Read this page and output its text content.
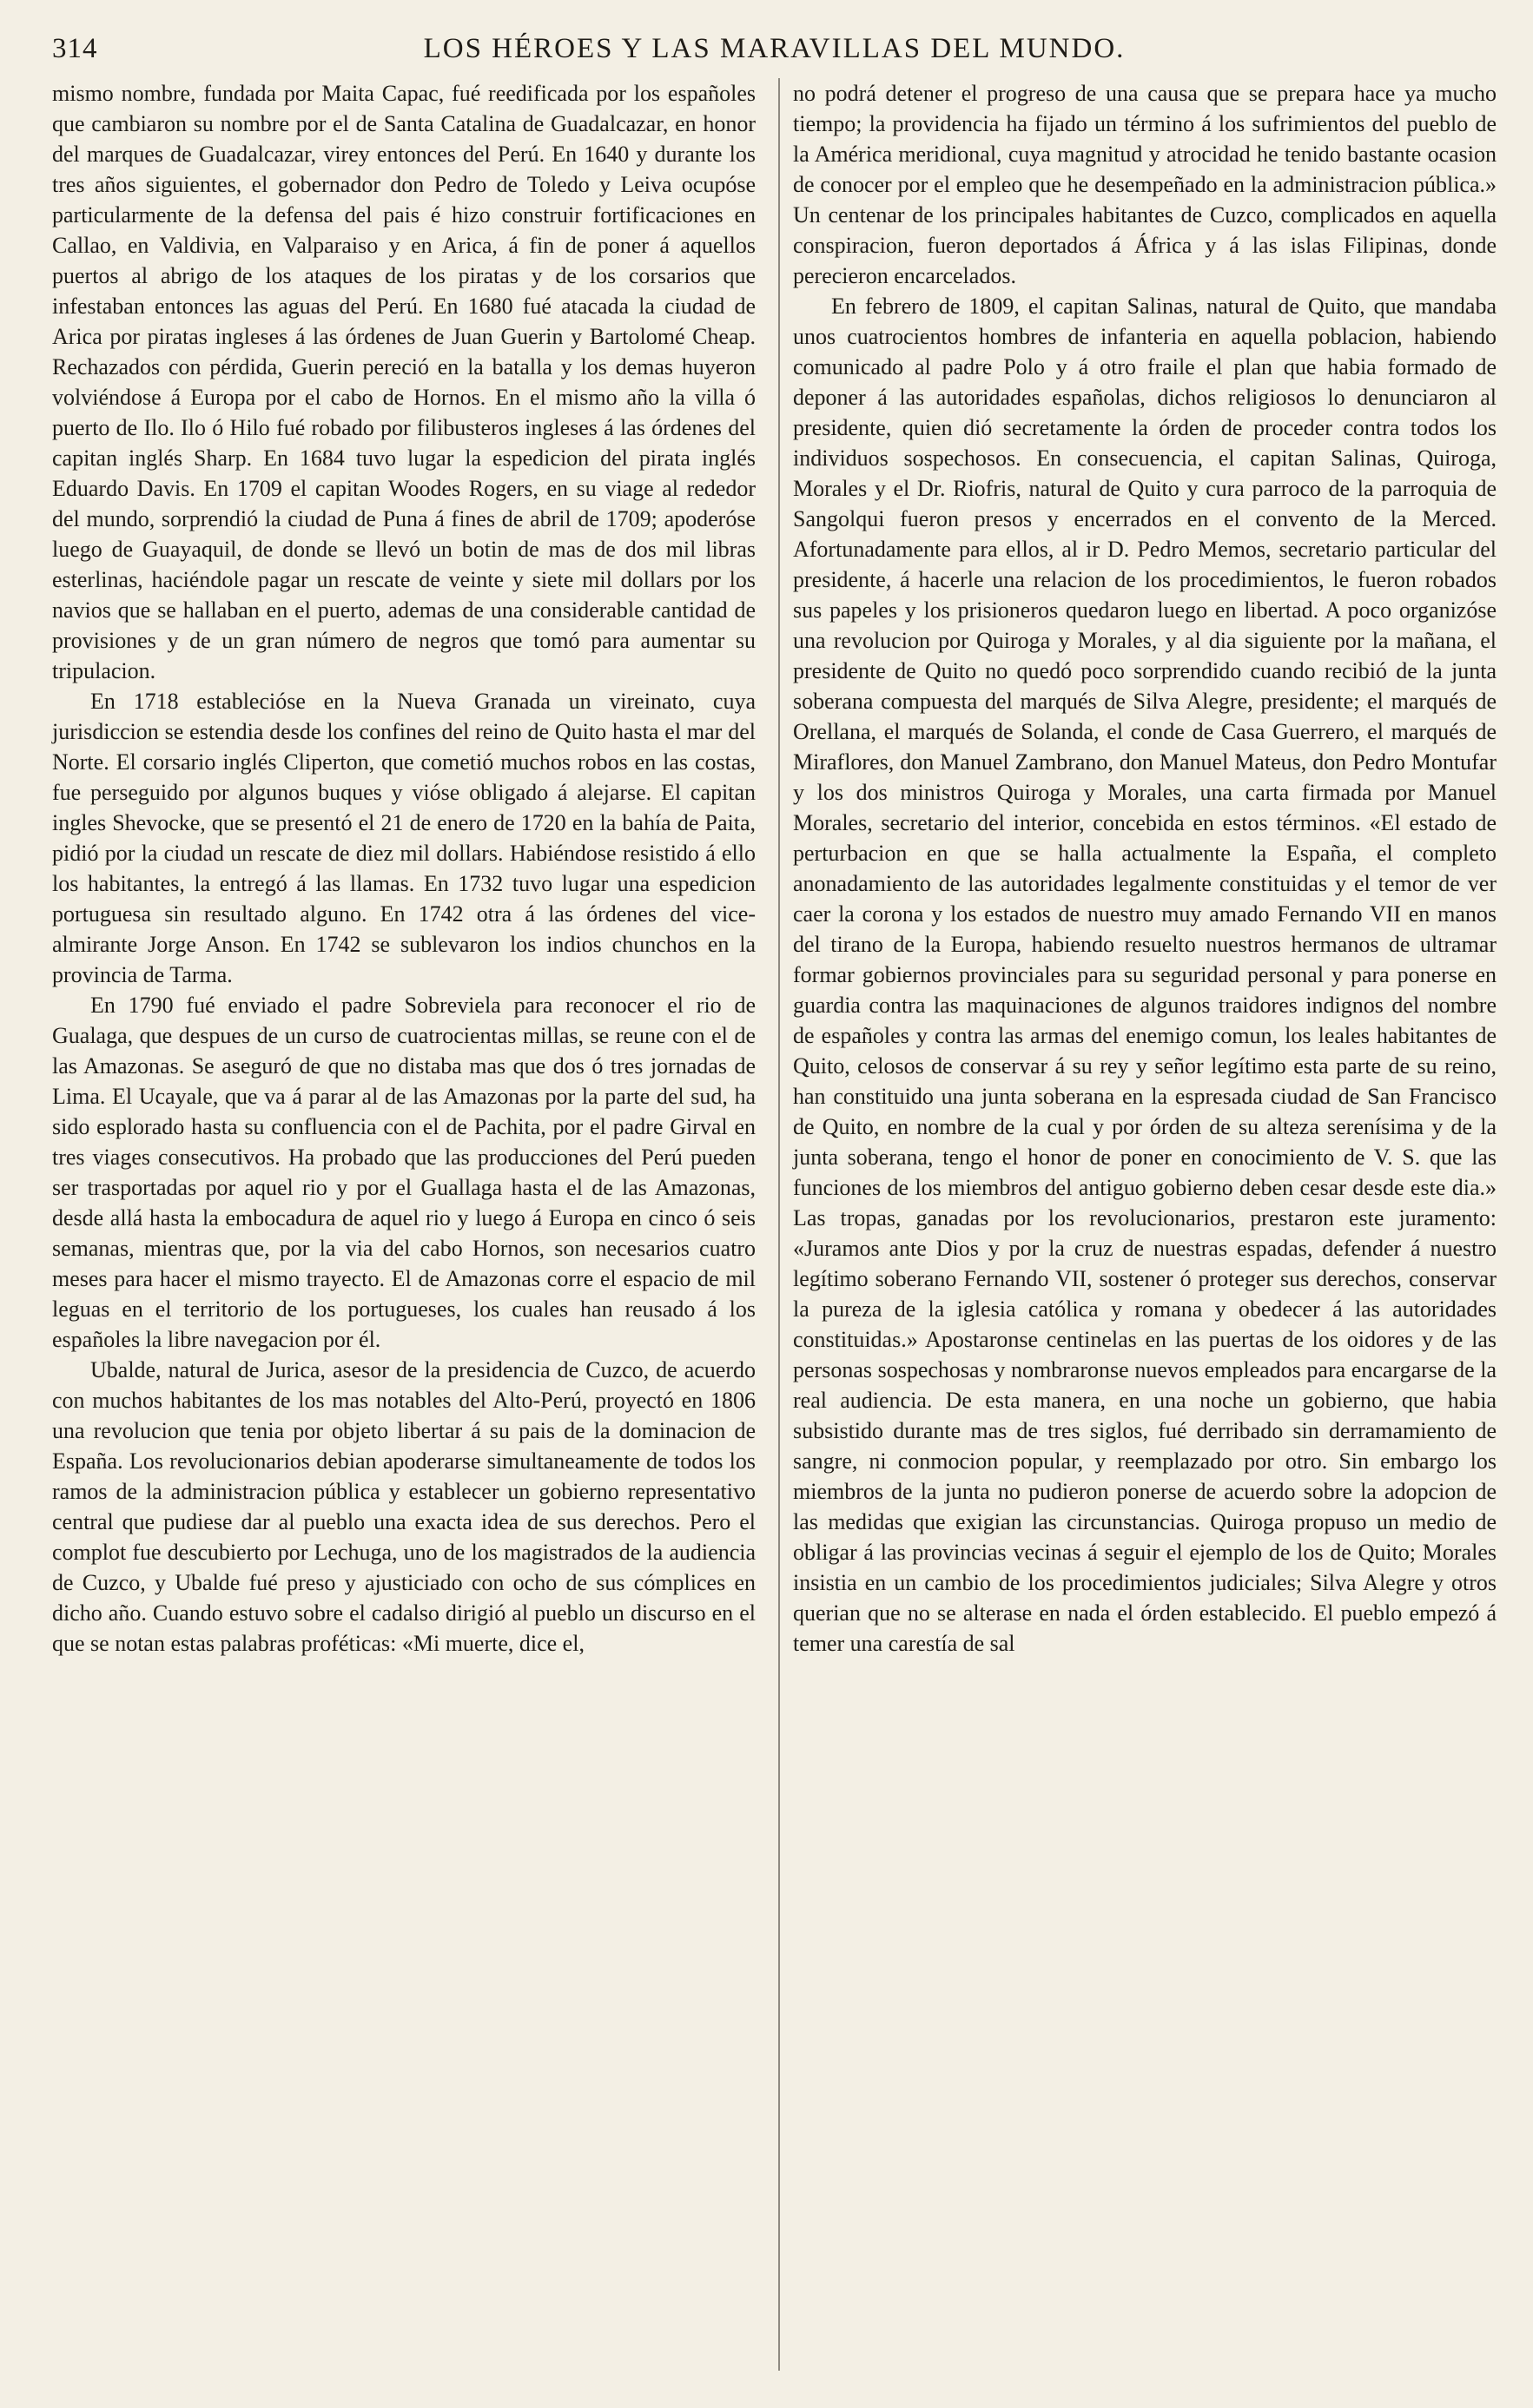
314	LOS HÉROES Y LAS MARAVILLAS DEL MUNDO.

mismo nombre, fundada por Maita Capac, fué reedificada por los españoles que cambiaron su nombre por el de Santa Catalina de Guadalcazar, en honor del marques de Guadalcazar, virey entonces del Perú. En 1640 y durante los tres años siguientes, el gobernador don Pedro de Toledo y Leiva ocupóse particularmente de la defensa del pais é hizo construir fortificaciones en Callao, en Valdivia, en Valparaiso y en Arica, á fin de poner á aquellos puertos al abrigo de los ataques de los piratas y de los corsarios que infestaban entonces las aguas del Perú. En 1680 fué atacada la ciudad de Arica por piratas ingleses á las órdenes de Juan Guerin y Bartolomé Cheap. Rechazados con pérdida, Guerin pereció en la batalla y los demas huyeron volviéndose á Europa por el cabo de Hornos. En el mismo año la villa ó puerto de Ilo. Ilo ó Hilo fué robado por filibusteros ingleses á las órdenes del capitan inglés Sharp. En 1684 tuvo lugar la espedicion del pirata inglés Eduardo Davis. En 1709 el capitan Woodes Rogers, en su viage al rededor del mundo, sorprendió la ciudad de Puna á fines de abril de 1709; apoderóse luego de Guayaquil, de donde se llevó un botin de mas de dos mil libras esterlinas, haciéndole pagar un rescate de veinte y siete mil dollars por los navios que se hallaban en el puerto, ademas de una considerable cantidad de provisiones y de un gran número de negros que tomó para aumentar su tripulacion.

En 1718 establecióse en la Nueva Granada un vireinato, cuya jurisdiccion se estendia desde los confines del reino de Quito hasta el mar del Norte. El corsario inglés Cliperton, que cometió muchos robos en las costas, fue perseguido por algunos buques y vióse obligado á alejarse. El capitan ingles Shevocke, que se presentó el 21 de enero de 1720 en la bahía de Paita, pidió por la ciudad un rescate de diez mil dollars. Habiéndose resistido á ello los habitantes, la entregó á las llamas. En 1732 tuvo lugar una espedicion portuguesa sin resultado alguno. En 1742 otra á las órdenes del vice-almirante Jorge Anson. En 1742 se sublevaron los indios chunchos en la provincia de Tarma.

En 1790 fué enviado el padre Sobreviela para reconocer el rio de Gualaga, que despues de un curso de cuatrocientas millas, se reune con el de las Amazonas. Se aseguró de que no distaba mas que dos ó tres jornadas de Lima. El Ucayale, que va á parar al de las Amazonas por la parte del sud, ha sido esplorado hasta su confluencia con el de Pachita, por el padre Girval en tres viages consecutivos. Ha probado que las producciones del Perú pueden ser trasportadas por aquel rio y por el Guallaga hasta el de las Amazonas, desde allá hasta la embocadura de aquel rio y luego á Europa en cinco ó seis semanas, mientras que, por la via del cabo Hornos, son necesarios cuatro meses para hacer el mismo trayecto. El de Amazonas corre el espacio de mil leguas en el territorio de los portugueses, los cuales han reusado á los españoles la libre navegacion por él.

Ubalde, natural de Jurica, asesor de la presidencia de Cuzco, de acuerdo con muchos habitantes de los mas notables del Alto-Perú, proyectó en 1806 una revolucion que tenia por objeto libertar á su pais de la dominacion de España. Los revolucionarios debian apoderarse simultaneamente de todos los ramos de la administracion pública y establecer un gobierno representativo central que pudiese dar al pueblo una exacta idea de sus derechos. Pero el complot fue descubierto por Lechuga, uno de los magistrados de la audiencia de Cuzco, y Ubalde fué preso y ajusticiado con ocho de sus cómplices en dicho año. Cuando estuvo sobre el cadalso dirigió al pueblo un discurso en el que se notan estas palabras proféticas: «Mi muerte, dice el,

no podrá detener el progreso de una causa que se prepara hace ya mucho tiempo; la providencia ha fijado un término á los sufrimientos del pueblo de la América meridional, cuya magnitud y atrocidad he tenido bastante ocasion de conocer por el empleo que he desempeñado en la administracion pública.» Un centenar de los principales habitantes de Cuzco, complicados en aquella conspiracion, fueron deportados á África y á las islas Filipinas, donde perecieron encarcelados.

En febrero de 1809, el capitan Salinas, natural de Quito, que mandaba unos cuatrocientos hombres de infanteria en aquella poblacion, habiendo comunicado al padre Polo y á otro fraile el plan que habia formado de deponer á las autoridades españolas, dichos religiosos lo denunciaron al presidente, quien dió secretamente la órden de proceder contra todos los individuos sospechosos. En consecuencia, el capitan Salinas, Quiroga, Morales y el Dr. Riofris, natural de Quito y cura parroco de la parroquia de Sangolqui fueron presos y encerrados en el convento de la Merced. Afortunadamente para ellos, al ir D. Pedro Memos, secretario particular del presidente, á hacerle una relacion de los procedimientos, le fueron robados sus papeles y los prisioneros quedaron luego en libertad. A poco organizóse una revolucion por Quiroga y Morales, y al dia siguiente por la mañana, el presidente de Quito no quedó poco sorprendido cuando recibió de la junta soberana compuesta del marqués de Silva Alegre, presidente; el marqués de Orellana, el marqués de Solanda, el conde de Casa Guerrero, el marqués de Miraflores, don Manuel Zambrano, don Manuel Mateus, don Pedro Montufar y los dos ministros Quiroga y Morales, una carta firmada por Manuel Morales, secretario del interior, concebida en estos términos. «El estado de perturbacion en que se halla actualmente la España, el completo anonadamiento de las autoridades legalmente constituidas y el temor de ver caer la corona y los estados de nuestro muy amado Fernando VII en manos del tirano de la Europa, habiendo resuelto nuestros hermanos de ultramar formar gobiernos provinciales para su seguridad personal y para ponerse en guardia contra las maquinaciones de algunos traidores indignos del nombre de españoles y contra las armas del enemigo comun, los leales habitantes de Quito, celosos de conservar á su rey y señor legítimo esta parte de su reino, han constituido una junta soberana en la espresada ciudad de San Francisco de Quito, en nombre de la cual y por órden de su alteza serenísima y de la junta soberana, tengo el honor de poner en conocimiento de V. S. que las funciones de los miembros del antiguo gobierno deben cesar desde este dia.» Las tropas, ganadas por los revolucionarios, prestaron este juramento: «Juramos ante Dios y por la cruz de nuestras espadas, defender á nuestro legítimo soberano Fernando VII, sostener ó proteger sus derechos, conservar la pureza de la iglesia católica y romana y obedecer á las autoridades constituidas.» Apostaronse centinelas en las puertas de los oidores y de las personas sospechosas y nombraronse nuevos empleados para encargarse de la real audiencia. De esta manera, en una noche un gobierno, que habia subsistido durante mas de tres siglos, fué derribado sin derramamiento de sangre, ni conmocion popular, y reemplazado por otro. Sin embargo los miembros de la junta no pudieron ponerse de acuerdo sobre la adopcion de las medidas que exigian las circunstancias. Quiroga propuso un medio de obligar á las provincias vecinas á seguir el ejemplo de los de Quito; Morales insistia en un cambio de los procedimientos judiciales; Silva Alegre y otros querian que no se alterase en nada el órden establecido. El pueblo empezó á temer una carestía de sal
